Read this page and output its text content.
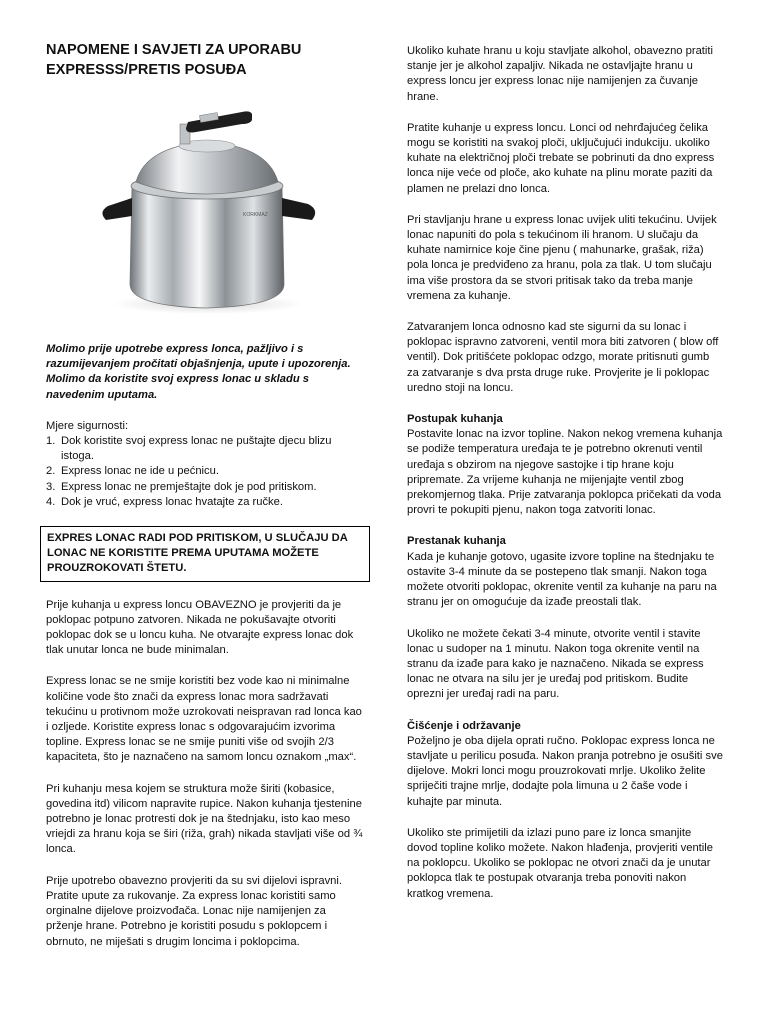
NAPOMENE I SAVJETI ZA UPORABU EXPRESSS/PRETIS POSUĐA
KORKMAZ

Molimo prije upotrebe express lonca, pažljivo i s razumijevanjem pročitati objašnjenja, upute i upozorenja. Molimo da koristite svoj express lonac u skladu s navedenim uputama.

Mjere sigurnosti:
1. Dok koristite svoj express lonac ne puštajte djecu blizu istoga.
2. Express lonac ne ide u pećnicu.
3. Express lonac ne premještajte dok je pod pritiskom.
4. Dok je vruć, express lonac hvatajte za ručke.
EXPRES LONAC RADI POD PRITISKOM, U SLUČAJU DA LONAC NE KORISTITE PREMA UPUTAMA MOŽETE PROUZROKOVATI ŠTETU.

Prije kuhanja u express loncu OBAVEZNO je provjeriti da je poklopac potpuno zatvoren. Nikada ne pokušavajte otvoriti poklopac dok se u loncu kuha. Ne otvarajte express lonac dok tlak unutar lonca ne bude minimalan.

Express lonac se ne smije koristiti bez vode kao ni minimalne količine vode što znači da express lonac mora sadržavati tekućinu u protivnom može uzrokovati neispravan rad lonca kao i ozljede. Koristite express lonac s odgovarajućim izvorima topline. Express lonac se ne smije puniti više od svojih 2/3 kapaciteta, što je naznačeno na samom loncu oznakom „max“.

Pri kuhanju mesa kojem se struktura može širiti (kobasice, govedina itd) vilicom napravite rupice. Nakon kuhanja tjestenine potrebno je lonac protresti dok je na štednjaku, isto kao meso vriejdi za hranu koja se širi (riža, grah) nikada stavljati više od ¾ lonca.

Prije upotrebo obavezno provjeriti da su svi dijelovi ispravni. Pratite upute za rukovanje. Za express lonac koristiti samo orginalne dijelove proizvođača. Lonac nije namijenjen za prženje hrane. Potrebno je koristiti posudu s poklopcem i obrnuto, ne miješati s drugim loncima i poklopcima.

Ukoliko kuhate hranu u koju stavljate alkohol, obavezno pratiti stanje jer je alkohol zapaljiv. Nikada ne ostavljajte hranu u express loncu jer express lonac nije namijenjen za čuvanje hrane.

Pratite kuhanje u express loncu. Lonci od nehrđajućeg čelika mogu se koristiti na svakoj ploči, uključujući indukciju. ukoliko kuhate na električnoj ploči trebate se pobrinuti da dno express lonca nije veće od ploče, ako kuhate na plinu morate paziti da plamen ne prelazi dno lonca.

Pri stavljanju hrane u express lonac uvijek uliti tekućinu. Uvijek lonac napuniti do pola s tekućinom ili hranom. U slučaju da kuhate namirnice koje čine pjenu ( mahunarke, grašak, riža) pola lonca je predviđeno za hranu, pola za tlak. U tom slučaju ima više prostora da se stvori pritisak tako da treba manje vremena za kuhanje.

Zatvaranjem lonca odnosno kad ste sigurni da su lonac i poklopac ispravno zatvoreni, ventil mora biti zatvoren ( blow off ventil). Dok pritišćete poklopac odzgo, morate pritisnuti gumb za zatvaranje s dva prsta druge ruke. Provjerite je li poklopac uredno stoji na loncu.

Postupak kuhanja
Postavite lonac na izvor topline. Nakon nekog vremena kuhanja se podiže temperatura uređaja te je potrebno okrenuti ventil uređaja s obzirom na njegove sastojke i tip hrane koju pripremate. Za vrijeme kuhanja ne mijenjajte ventil zbog prekomjernog tlaka. Prije zatvaranja poklopca pričekati da voda provri te pokupiti pjenu, nakon toga zatvoriti lonac.

Prestanak kuhanja
Kada je kuhanje gotovo, ugasite izvore topline na štednjaku te ostavite 3-4 minute da se postepeno tlak smanji. Nakon toga možete otvoriti poklopac, okrenite ventil za kuhanje na paru na stranu jer on omogućuje da izađe preostali tlak.

Ukoliko ne možete čekati 3-4 minute, otvorite ventil i stavite lonac u sudoper na 1 minutu. Nakon toga okrenite ventil na stranu da izađe para kako je naznačeno. Nikada se express lonac ne otvara na silu jer je uređaj pod pritiskom. Budite oprezni jer uređaj radi na paru.

Čišćenje i održavanje
Poželjno je oba dijela oprati ručno. Poklopac express lonca ne stavljate u perilicu posuđa. Nakon pranja potrebno je osušiti sve dijelove. Mokri lonci mogu prouzrokovati mrlje. Ukoliko želite spriječiti trajne mrlje, dodajte pola limuna u 2 čaše vode i kuhajte par minuta.

Ukoliko ste primijetili da izlazi puno pare iz lonca smanjite dovod topline koliko možete. Nakon hlađenja, provjeriti ventile na poklopcu. Ukoliko se poklopac ne otvori znači da je unutar poklopca tlak te postupak otvaranja treba ponoviti nakon kratkog vremena.
